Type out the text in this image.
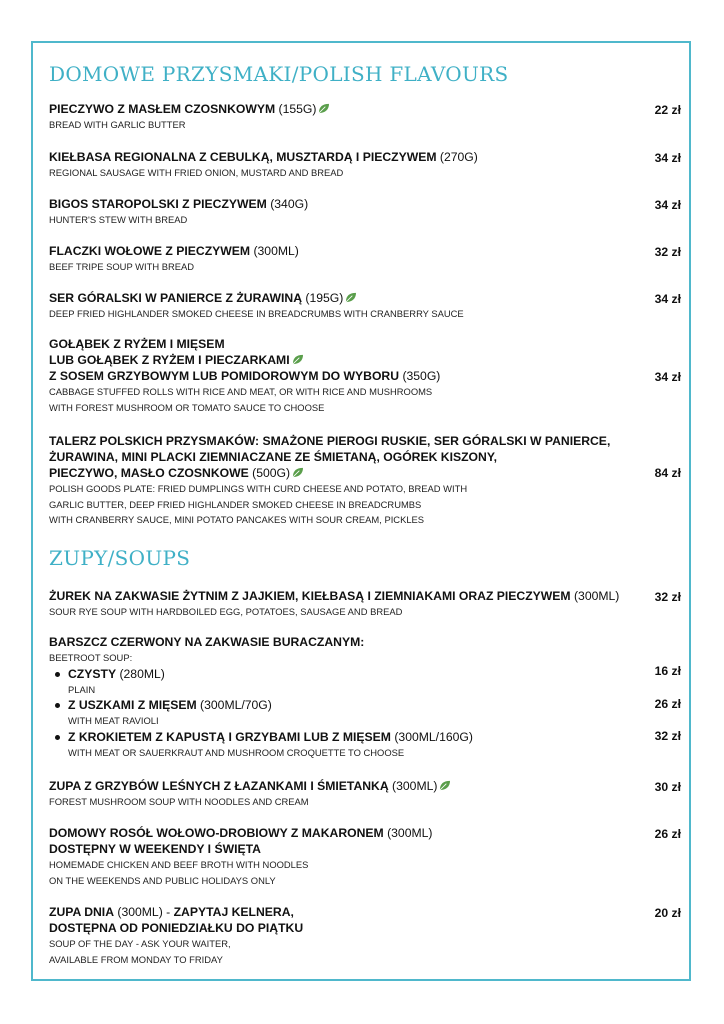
DOMOWE PRZYSMAKI/POLISH FLAVOURS
PIECZYWO Z MASŁEM CZOSNKOWYM (155G)
BREAD WITH GARLIC BUTTER
22 zł
KIEŁBASA REGIONALNA Z CEBULKĄ, MUSZTARDĄ I PIECZYWEM (270G)
REGIONAL SAUSAGE WITH FRIED ONION, MUSTARD AND BREAD
34 zł
BIGOS STAROPOLSKI Z PIECZYWEM (340G)
HUNTER'S STEW WITH BREAD
34 zł
FLACZKI WOŁOWE Z PIECZYWEM (300ML)
BEEF TRIPE SOUP WITH BREAD
32 zł
SER GÓRALSKI W PANIERCE Z ŻURAWINĄ (195G)
DEEP FRIED HIGHLANDER SMOKED CHEESE IN BREADCRUMBS WITH CRANBERRY SAUCE
34 zł
GOŁĄBEK Z RYŻEM I MIĘSEM
LUB GOŁĄBEK Z RYŻEM I PIECZARKAMI
Z SOSEM GRZYBOWYM LUB POMIDOROWYM DO WYBORU (350G)
CABBAGE STUFFED ROLLS WITH RICE AND MEAT, OR WITH RICE AND MUSHROOMS
WITH FOREST MUSHROOM OR TOMATO SAUCE TO CHOOSE
34 zł
TALERZ POLSKICH PRZYSMAKÓW: SMAŻONE PIEROGI RUSKIE, SER GÓRALSKI W PANIERCE,
ŻURAWINA, MINI PLACKI ZIEMNIACZANE ZE ŚMIETANĄ, OGÓREK KISZONY,
PIECZYWO, MASŁO CZOSNKOWE (500G)
POLISH GOODS PLATE: FRIED DUMPLINGS WITH CURD CHEESE AND POTATO, BREAD WITH
GARLIC BUTTER, DEEP FRIED HIGHLANDER SMOKED CHEESE IN BREADCRUMBS
WITH CRANBERRY SAUCE, MINI POTATO PANCAKES WITH SOUR CREAM, PICKLES
84 zł
ZUPY/SOUPS
ŻUREK NA ZAKWASIE ŻYTNIM Z JAJKIEM, KIEŁBASĄ I ZIEMNIAKAMI ORAZ PIECZYWEM (300ML)
SOUR RYE SOUP WITH HARDBOILED EGG, POTATOES, SAUSAGE AND BREAD
32 zł
BARSZCZ CZERWONY NA ZAKWASIE BURACZANYM:
BEETROOT SOUP:
CZYSTY (280ML)
PLAIN
Z USZKAMI Z MIĘSEM (300ML/70G)
WITH MEAT RAVIOLI
Z KROKIETEM Z KAPUSTĄ I GRZYBAMI LUB Z MIĘSEM (300ML/160G)
WITH MEAT OR SAUERKRAUT AND MUSHROOM CROQUETTE TO CHOOSE
16 zł
26 zł
32 zł
ZUPA Z GRZYBÓW LEŚNYCH Z ŁAZANKAMI I ŚMIETANKĄ (300ML)
FOREST MUSHROOM SOUP WITH NOODLES AND CREAM
30 zł
DOMOWY ROSÓŁ WOŁOWO-DROBIOWY Z MAKARONEM (300ML)
DOSTĘPNY W WEEKENDY I ŚWIĘTA
HOMEMADE CHICKEN AND BEEF BROTH WITH NOODLES
ON THE WEEKENDS AND PUBLIC HOLIDAYS ONLY
26 zł
ZUPA DNIA (300ML) - ZAPYTAJ KELNERA,
DOSTĘPNA OD PONIEDZIAŁKU DO PIĄTKU
SOUP OF THE DAY - ASK YOUR WAITER,
AVAILABLE FROM MONDAY TO FRIDAY
20 zł
